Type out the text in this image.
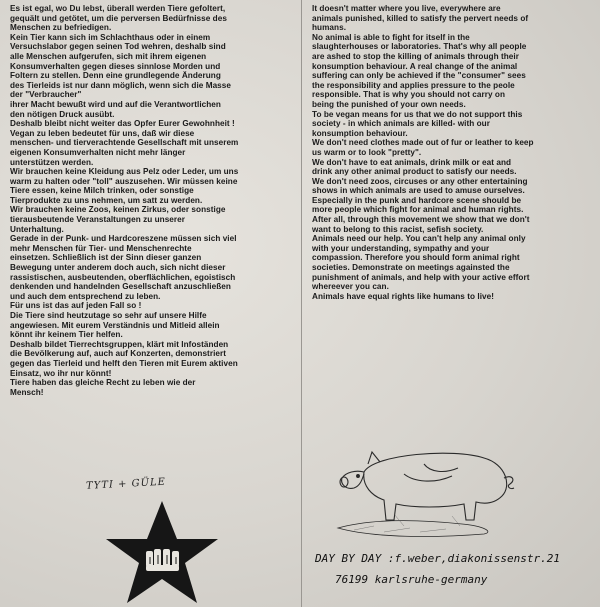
Es ist egal, wo Du lebst, überall werden Tiere gefoltert,
gequält und getötet, um die perversen Bedürfnisse des
Menschen zu befriedigen.
Kein Tier kann sich im Schlachthaus oder in einem
Versuchslabor gegen seinen Tod wehren, deshalb sind
alle Menschen aufgerufen, sich mit ihrem eigenen
Konsumverhalten gegen dieses sinnlose Morden und
Foltern zu stellen. Denn eine grundlegende Änderung
des Tierleids ist nur dann möglich, wenn sich die Masse
der "Verbraucher"
ihrer Macht bewußt wird und auf die Verantwortlichen
den nötigen Druck ausübt.
Deshalb bleibt nicht weiter das Opfer Eurer Gewohnheit !
Vegan zu leben bedeutet für uns, daß wir diese
menschen- und tierverachtende Gesellschaft mit unserem
eigenen Konsumverhalten nicht mehr länger
unterstützen werden.
Wir brauchen keine Kleidung aus Pelz oder Leder, um uns
warm zu halten oder "toll" auszusehen. Wir müssen keine
Tiere essen, keine Milch trinken, oder sonstige
Tierprodukte zu uns nehmen, um satt zu werden.
Wir brauchen keine Zoos, keinen Zirkus, oder sonstige
tierausbeutende Veranstaltungen zu unserer
Unterhaltung.
Gerade in der Punk- und Hardcoreszene müssen sich viel
mehr Menschen für Tier- und Menschenrechte
einsetzen. Schließlich ist der Sinn dieser ganzen
Bewegung unter anderem doch auch, sich nicht dieser
rassistischen, ausbeutenden, oberflächlichen, egoistisch
denkenden und handelnden Gesellschaft anzuschließen
und auch dem entsprechend zu leben.
Für uns ist das auf jeden Fall so !
Die Tiere sind heutzutage so sehr auf unsere Hilfe
angewiesen. Mit eurem Verständnis und Mitleid allein
könnt ihr keinem Tier helfen.
Deshalb bildet Tierrechtsgruppen, klärt mit Infoständen
die Bevölkerung auf, auch auf Konzerten, demonstriert
gegen das Tierleid und helft den Tieren mit Eurem aktiven
Einsatz, wo ihr nur könnt!
Tiere haben das gleiche Recht zu leben wie der
Mensch!
It doesn't matter where you live, everywhere are
animals punished, killed to satisfy the pervert needs of
humans.
No animal is able to fight for itself in the
slaughterhouses or laboratories. That's why all people
are ashed to stop the killing of animals through their
konsumption behaviour. A real change of the animal
suffering can only be achieved if the "consumer" sees
the responsibility and applies pressure to the peole
responsible. That is why you should not carry on
being the punished of your own needs.
To be vegan means for us that we do not support this
society - in which animals are killed- with our
konsumption behaviour.
We don't need clothes made out of fur or leather to keep
us warm or to look "pretty".
We don't have to eat animals, drink milk or eat and
drink any other animal product to satisfy our needs.
We don't need zoos, circuses or any other entertaining
shows in which animals are used to amuse ourselves.
Especially in the punk and hardcore scene should be
more people which fight for animal and human rights.
After all, through this movement we show that we don't
want to belong to this racist, sefish society.
Animals need our help. You can't help any animal only
with your understanding, sympathy and your
compassion. Therefore you should form animal right
societies. Demonstrate on meetings againsted the
punishment of animals, and help with your active effort
whereever you can.
Animals have equal rights like humans to live!
TYTI + GÜLE
DAY BY DAY :f.weber,diakonissenstr.21
76199 karlsruhe-germany
